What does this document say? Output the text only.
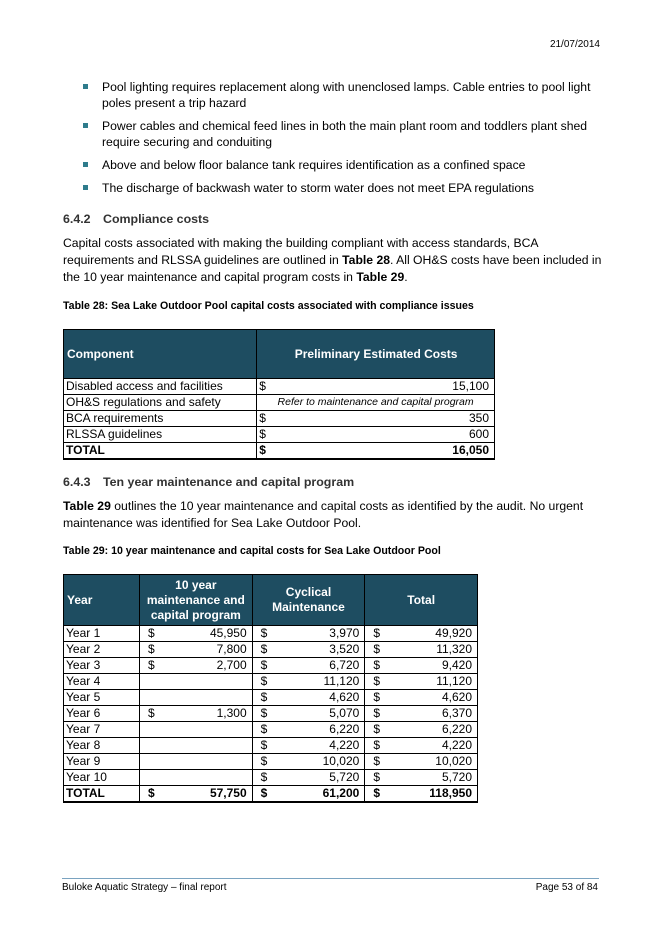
21/07/2014
Pool lighting requires replacement along with unenclosed lamps. Cable entries to pool light poles present a trip hazard
Power cables and chemical feed lines in both the main plant room and toddlers plant shed require securing and conduiting
Above and below floor balance tank requires identification as a confined space
The discharge of backwash water to storm water does not meet EPA regulations
6.4.2 Compliance costs

Capital costs associated with making the building compliant with access standards, BCA requirements and RLSSA guidelines are outlined in Table 28. All OH&S costs have been included in the 10 year maintenance and capital program costs in Table 29.

Table 28: Sea Lake Outdoor Pool capital costs associated with compliance issues

Component	Preliminary Estimated Costs	
Disabled access and facilities	$	15,100
OH&S regulations and safety	Refer to maintenance and capital program	
BCA requirements	$	350
RLSSA guidelines	$	600
TOTAL	$	16,050
6.4.3 Ten year maintenance and capital program

Table 29 outlines the 10 year maintenance and capital costs as identified by the audit. No urgent maintenance was identified for Sea Lake Outdoor Pool.

Table 29: 10 year maintenance and capital costs for Sea Lake Outdoor Pool

Year	10 year maintenance and capital program		Cyclical Maintenance		Total	
Year 1	$	45,950	$	3,970	$	49,920
Year 2	$	7,800	$	3,520	$	11,320
Year 3	$	2,700	$	6,720	$	9,420
Year 4			$	11,120	$	11,120
Year 5			$	4,620	$	4,620
Year 6	$	1,300	$	5,070	$	6,370
Year 7			$	6,220	$	6,220
Year 8			$	4,220	$	4,220
Year 9			$	10,020	$	10,020
Year 10			$	5,720	$	5,720
TOTAL	$	57,750	$	61,200	$	118,950
Buloke Aquatic Strategy – final report	Page 53 of 84
